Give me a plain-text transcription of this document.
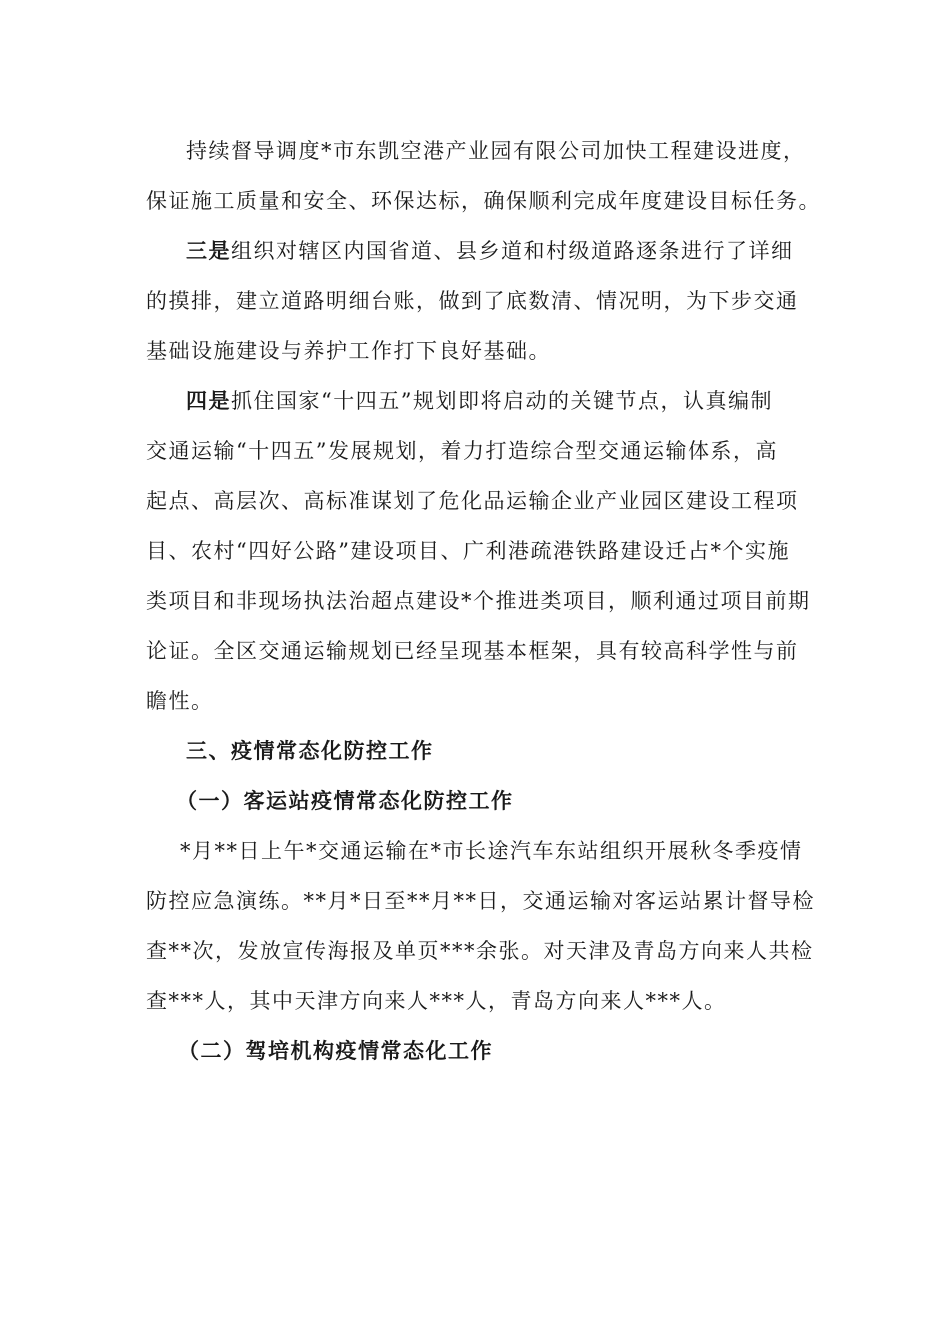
持续督导调度*市东凯空港产业园有限公司加快工程建设进度，
保证施工质量和安全、环保达标，确保顺利完成年度建设目标任务。
三是组织对辖区内国省道、县乡道和村级道路逐条进行了详细
的摸排，建立道路明细台账，做到了底数清、情况明，为下步交通
基础设施建设与养护工作打下良好基础。
四是抓住国家“十四五”规划即将启动的关键节点，认真编制
交通运输“十四五”发展规划，着力打造综合型交通运输体系，高
起点、高层次、高标准谋划了危化品运输企业产业园区建设工程项
目、农村“四好公路”建设项目、广利港疏港铁路建设迁占*个实施
类项目和非现场执法治超点建设*个推进类项目，顺利通过项目前期
论证。全区交通运输规划已经呈现基本框架，具有较高科学性与前
瞻性。
三、疫情常态化防控工作
（一）客运站疫情常态化防控工作
*月**日上午*交通运输在*市长途汽车东站组织开展秋冬季疫情
防控应急演练。**月*日至**月**日，交通运输对客运站累计督导检
查**次，发放宣传海报及单页***余张。对天津及青岛方向来人共检
查***人，其中天津方向来人***人，青岛方向来人***人。
（二）驾培机构疫情常态化工作
